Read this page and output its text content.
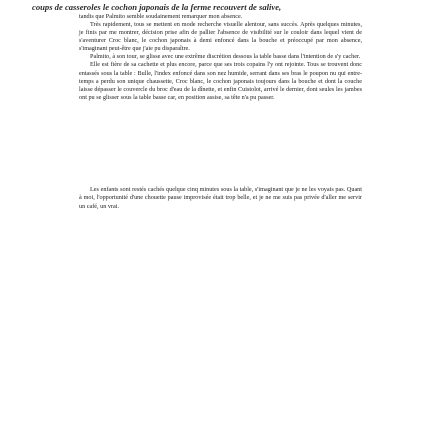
coups de casseroles le cochon japonais de la ferme recouvert de salive,

tandis que Palmito semble soudainement remarquer mon absence.

Très rapidement, tous se mettent en mode recherche visuelle alentour, sans succès. Après quelques minutes, je finis par me montrer, décision prise afin de pallier l'absence de visibilité sur le couloir dans lequel vient de s'aventurer Croc blanc, le cochon japonais à demi enfoncé dans la bouche et préoccupé par mon absence, s'imaginant peut-être que j'aie pu disparaître.

Palmito, à son tour, se glisse avec une extrême discrétion dessous la table basse dans l'intention de s'y cacher.

Elle est fière de sa cachette et plus encore, parce que ses trois copains l'y ont rejointe. Tous se trouvent donc entassés sous la table : Bulle, l'index enfoncé dans son nez humide, serrant dans ses bras le poupon nu qui entre-temps a perdu son unique chaussette, Croc blanc, le cochon japonais toujours dans la bouche et dont la couche laisse dépasser le couvercle du broc d'eau de la dînette, et enfin Cuistolot, arrivé le dernier, dont seules les jambes ont pu se glisser sous la table basse car, en position assise, sa tête n'a pu passer.

Les enfants sont restés cachés quelque cinq minutes sous la table, s'imaginant que je ne les voyais pas. Quant à moi, l'opportunité d'une chouette pause improvisée était trop belle, et je ne me suis pas privée d'aller me servir un café, un vrai.
